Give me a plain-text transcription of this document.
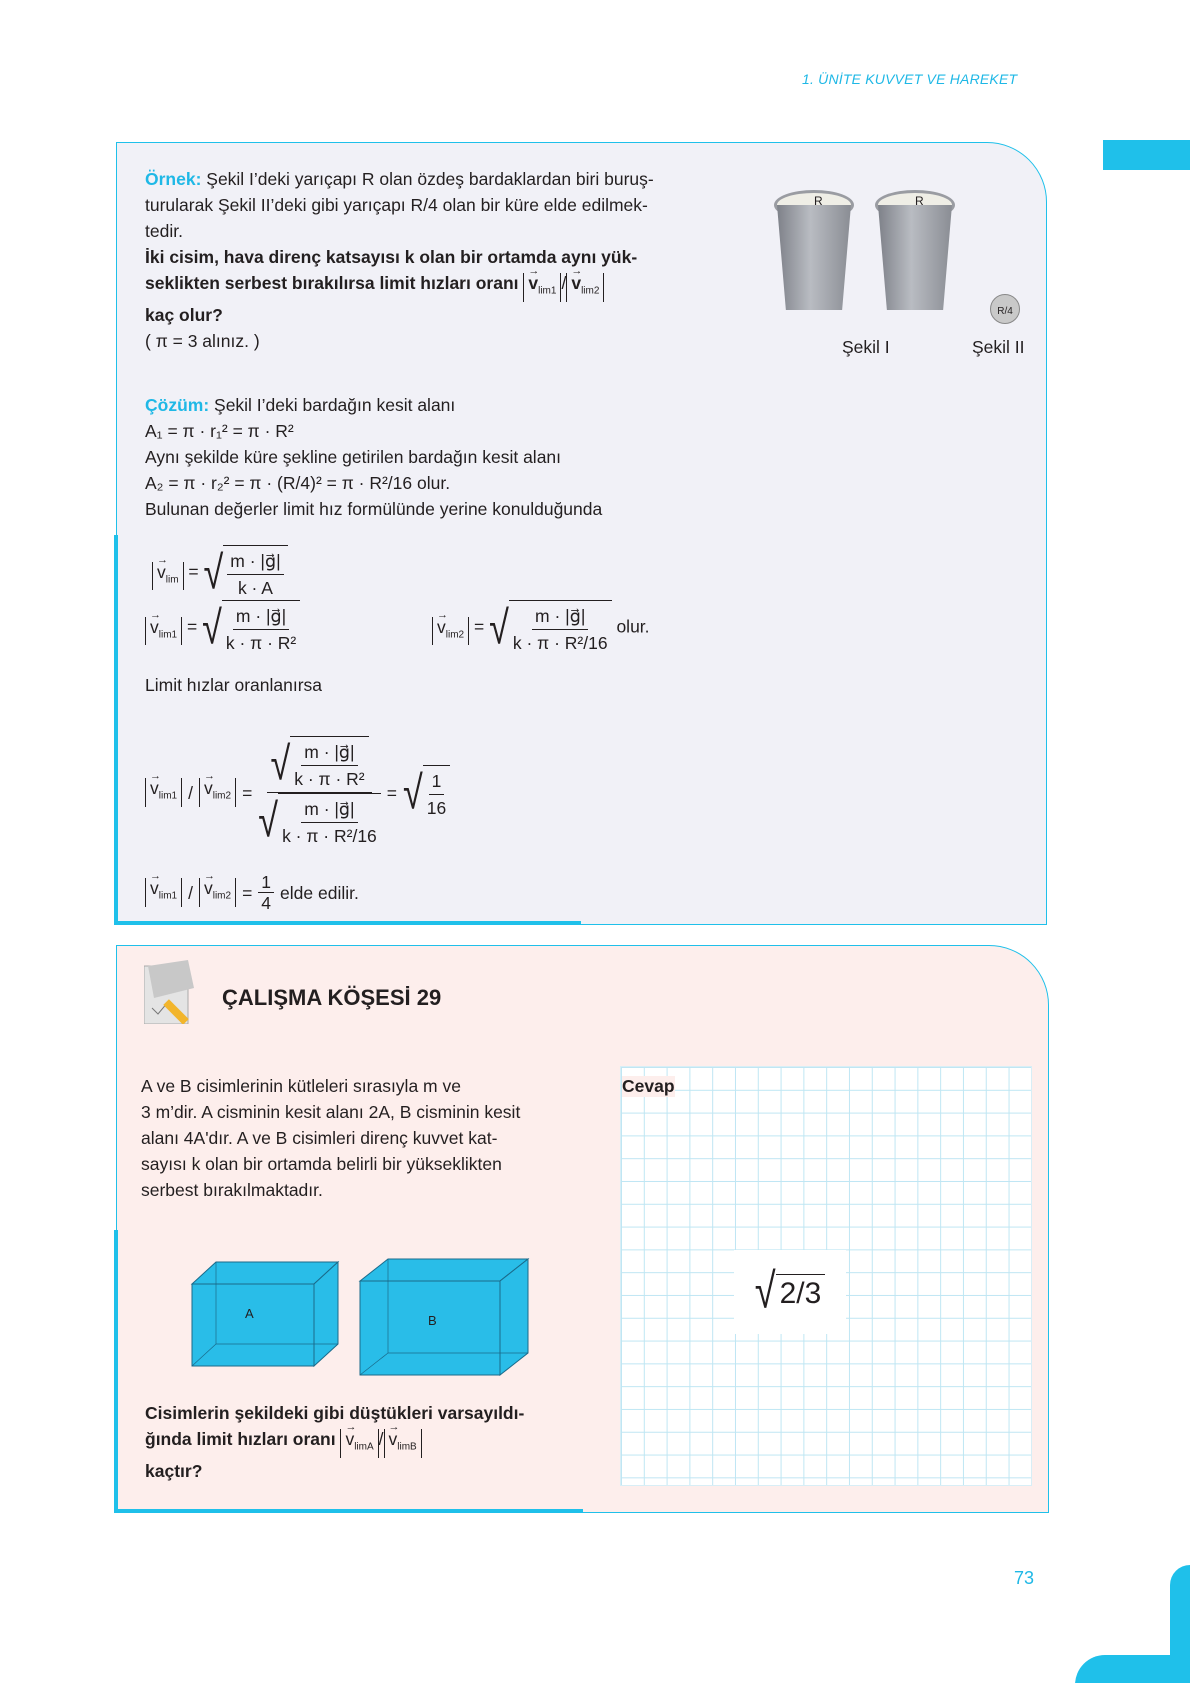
1. ÜNİTE KUVVET VE HAREKET
Örnek: Şekil I’deki yarıçapı R olan özdeş bardaklardan biri buruş-
turularak Şekil II’deki gibi yarıçapı R/4 olan bir küre elde edilmek-
tedir.
İki cisim, hava direnç katsayısı k olan bir ortamda aynı yük-
seklikten serbest bırakılırsa limit hızları oranı → $v_{lim1}$ / → $v_{lim2}$
kaç olur?
( π = 3 alınız. )
R	R
R/4
Şekil I	Şekil II
Çözüm: Şekil I’deki bardağın kesit alanı
A₁ = π · r₁² = π · R²
Aynı şekilde küre şekline getirilen bardağın kesit alanı
A₂ = π · r₂² = π · (R/4)² = π · R²/16 olur.
Bulunan değerler limit hız formülünde yerine konulduğunda
→ $v_{lim}$ = √ $\frac{m \cdot |g⃗|}{k \cdot A}$
→ $v_{lim1}$ = √ $\frac{m \cdot |g⃗|}{\text{k · π · R²}}$	→ $v_{lim2}$ = √ $\frac{m \cdot |g⃗|}{\text{k · π · R²/16}}$ olur.
Limit hızlar oranlanırsa
→ $v_{lim1}$ / → $v_{lim2} = \frac{√ \frac{m \cdot |g⃗|}{\text{k · π · R²}}}{√ \frac{m \cdot |g⃗|}{\text{k · π · R²/16}}}$ = √ $\frac{1}{16}$
→ $v_{lim1}$ / → $v_{lim2} = \frac{1}{4}$ elde edilir.
ÇALIŞMA KÖŞESİ 29
A ve B cisimlerinin kütleleri sırasıyla m ve
3 m’dir. A cisminin kesit alanı 2A, B cisminin kesit
alanı 4A'dır. A ve B cisimleri direnç kuvvet kat-
sayısı k olan bir ortamda belirli bir yükseklikten
serbest bırakılmaktadır.
A	B
Cisimlerin şekildeki gibi düştükleri varsayıldı-
ğında limit hızları oranı → $v_{limA}$ / → $v_{limB}$
kaçtır?
Cevap
√ 2/3
73
